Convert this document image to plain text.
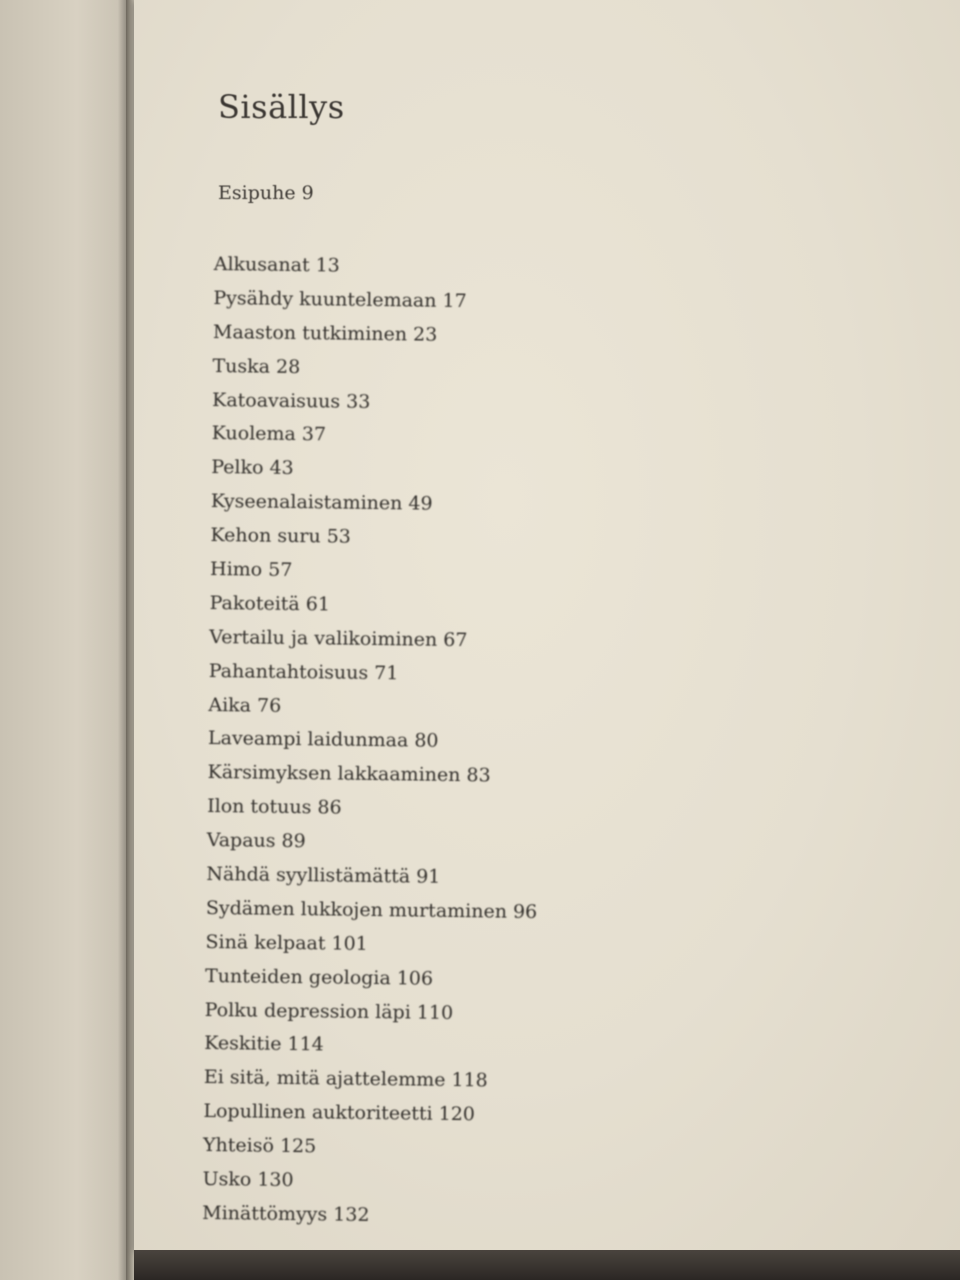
Sisällys
Esipuhe 9
Alkusanat 13
Pysähdy kuuntelemaan 17
Maaston tutkiminen 23
Tuska 28
Katoavaisuus 33
Kuolema 37
Pelko 43
Kyseenalaistaminen 49
Kehon suru 53
Himo 57
Pakoteitä 61
Vertailu ja valikoiminen 67
Pahantahtoisuus 71
Aika 76
Laveampi laidunmaa 80
Kärsimyksen lakkaaminen 83
Ilon totuus 86
Vapaus 89
Nähdä syyllistämättä 91
Sydämen lukkojen murtaminen 96
Sinä kelpaat 101
Tunteiden geologia 106
Polku depression läpi 110
Keskitie 114
Ei sitä, mitä ajattelemme 118
Lopullinen auktoriteetti 120
Yhteisö 125
Usko 130
Minättömyys 132
